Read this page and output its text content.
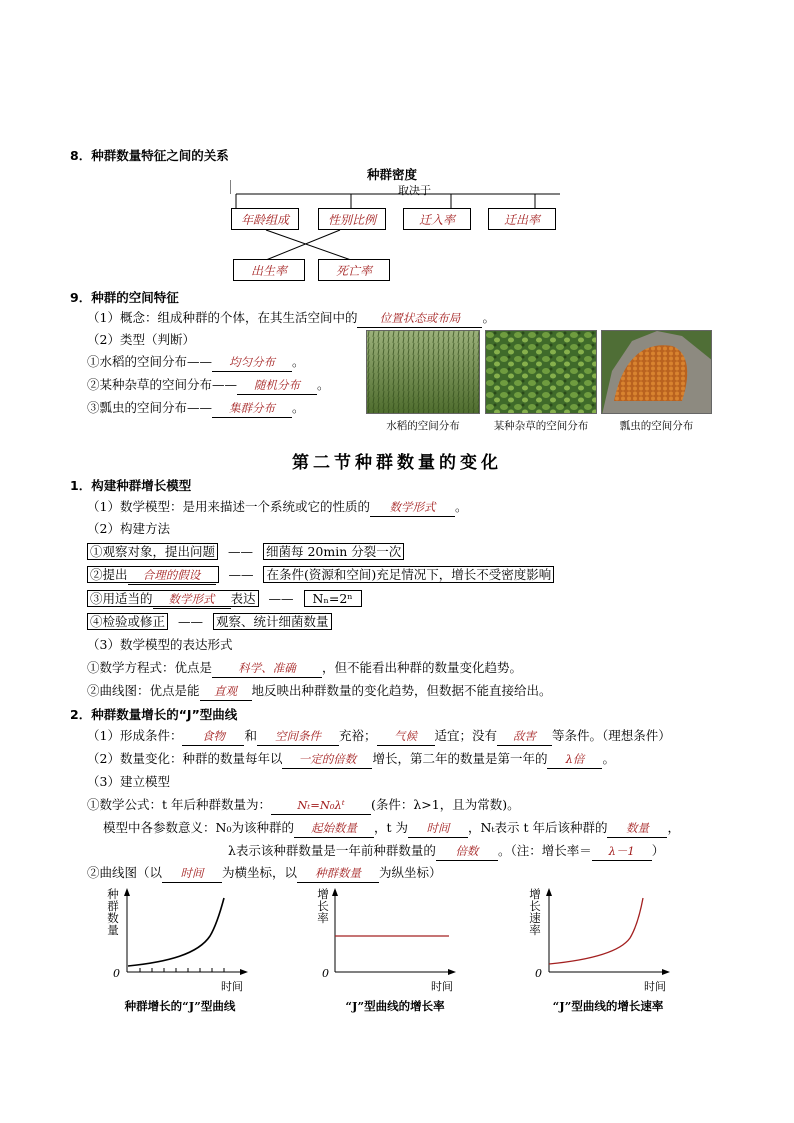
8．种群数量特征之间的关系
种群密度
取决于
年龄组成	性别比例	迁入率	迁出率
出生率	死亡率
9．种群的空间特征
（1）概念：组成种群的个体，在其生活空间中的 位置状态或布局 。
（2）类型（判断）
①水稻的空间分布—— 均匀分布 。
②某种杂草的空间分布—— 随机分布 。
③瓢虫的空间分布—— 集群分布 。
水稻的空间分布	某种杂草的空间分布	瓢虫的空间分布
第二节种群数量的变化
1．构建种群增长模型
（1）数学模型：是用来描述一个系统或它的性质的 数学形式 。
（2）构建方法
①观察对象，提出问题 —— 细菌每 20min 分裂一次
②提出 合理的假设 —— 在条件(资源和空间)充足情况下，增长不受密度影响
③用适当的 数学形式 表达 —— Nₙ=2ⁿ
④检验或修正 —— 观察、统计细菌数量
（3）数学模型的表达形式
①数学方程式：优点是 科学、准确 ，但不能看出种群的数量变化趋势。
②曲线图：优点是能 直观 地反映出种群数量的变化趋势，但数据不能直接给出。
2．种群数量增长的“J”型曲线
（1）形成条件： 食物 和 空间条件 充裕； 气候 适宜；没有 敌害 等条件。（理想条件）
（2）数量变化：种群的数量每年以 一定的倍数 增长，第二年的数量是第一年的 λ倍 。
（3）建立模型
①数学公式：t 年后种群数量为： Nₜ=N₀λᵗ (条件：λ>1，且为常数)。
模型中各参数意义：N₀为该种群的 起始数量 ，t 为 时间 ，Nₜ表示 t 年后该种群的 数量 ，
λ表示该种群数量是一年前种群数量的 倍数 。（注：增长率＝ λ－1 ）
②曲线图（以 时间 为横坐标，以 种群数量 为纵坐标）
种群数量
0
时间
种群增长的“J”型曲线
增长率
0
时间
“J”型曲线的增长率
增长速率
0
时间
“J”型曲线的增长速率
